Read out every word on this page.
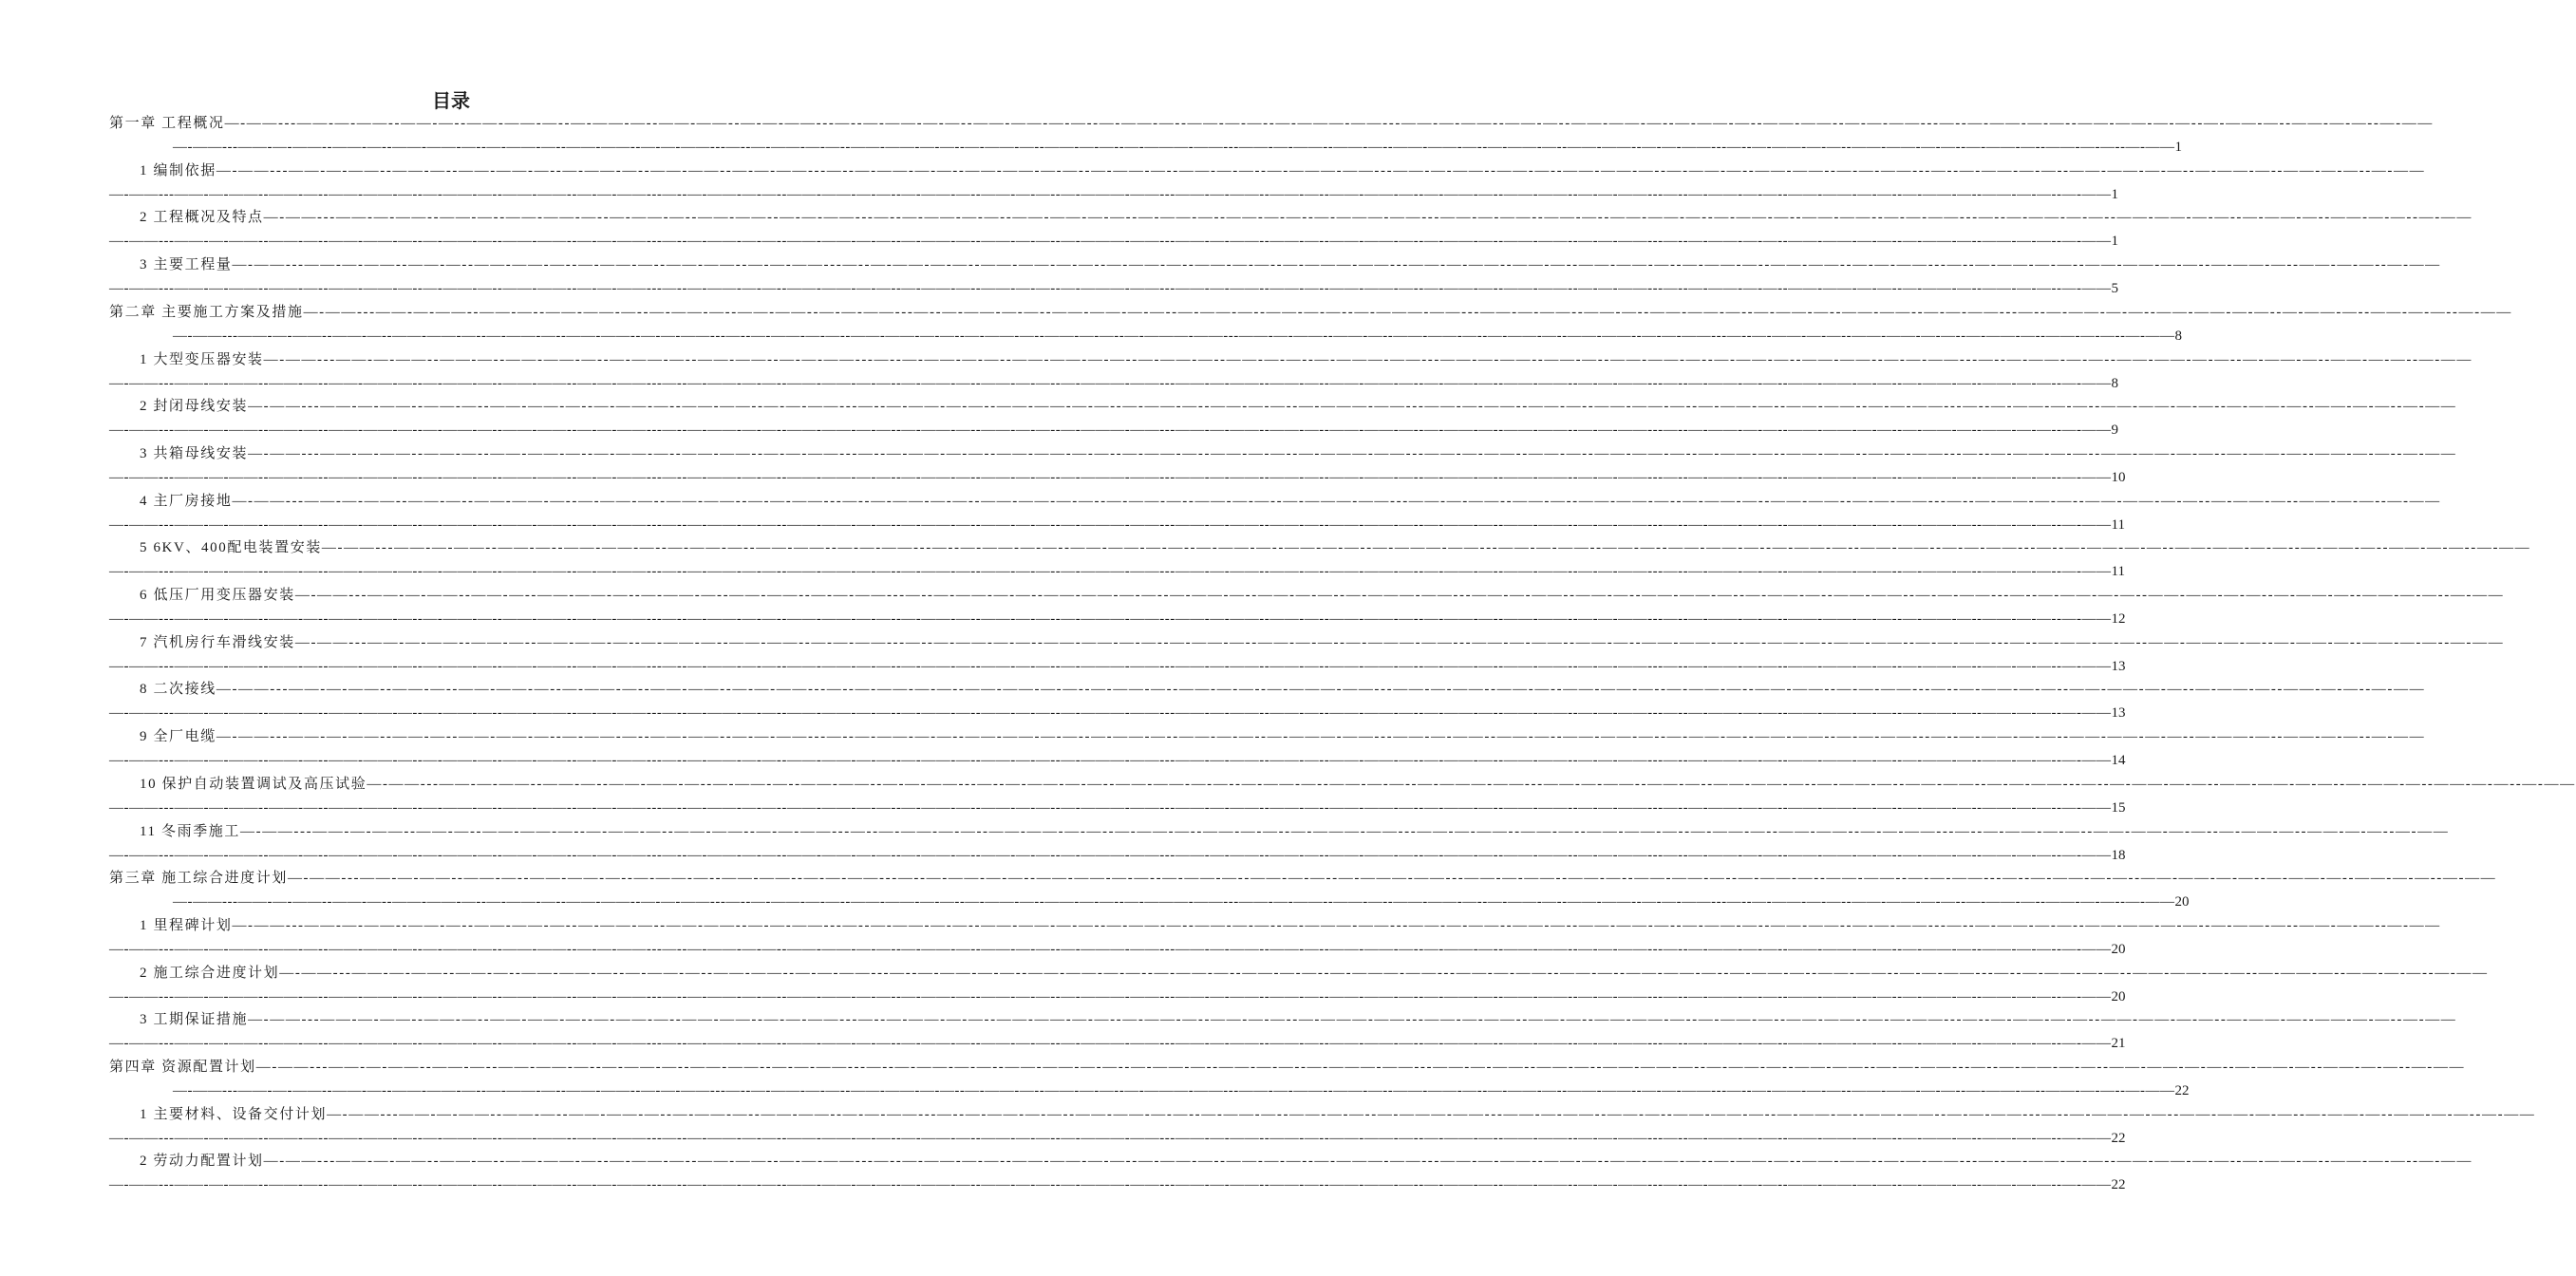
目录
第一章 工程概况—-——---——-—-——--——-—--——-——-—--—-——-—--——-——--—-—-——---—--—-——-—-—--——-——-—-—--—-——-—--——-—-—--—-———-——---——-—-——--——-—--——-——-—--—-——-—--——-——--—-—-——---—--—-——-—-—--——-——-—-—--—-——-—--——-—-—--—-——
—-——---——-—-——--——-—--——-——-—--—-——-—--——-——--—-—-——---—--—-——-—-—--——-——-—-—--—-——-—--——-—-—--—-———-——---——-—-——--——-—--——-——-—--—-——-—--——-——--—-—-——---—--—-——-—-—--——-——-—-—--—-——-—--——-—-—--—-—— 1
1 编制依据—-——---——-—-——--——-—--——-——-—--—-——-—--——-——--—-—-——---—--—-——-—-—--——-——-—-—--—-——-—--——-—-—--—-———-——---——-—-——--——-—--——-——-—--—-——-—--——-——--—-—-——---—--—-——-—-—--——-——-—-—--—-——-—--——-—-—--—-——
—-——---——-—-——--——-—--——-——-—--—-——-—--——-——--—-—-——---—--—-——-—-—--——-——-—-—--—-——-—--——-—-—--—-———-——---——-—-——--——-—--——-——-—--—-——-—--——-——--—-—-——---—--—-——-—-—--——-——-—-—--—-——-—--——-—-—--—-—— 1
2 工程概况及特点—-——---——-—-——--——-—--——-——-—--—-——-—--——-——--—-—-——---—--—-——-—-—--——-——-—-—--—-——-—--——-—-—--—-———-——---——-—-——--——-—--——-——-—--—-——-—--——-——--—-—-——---—--—-——-—-—--——-——-—-—--—-——-—--——-—-—--—-——
—-——---——-—-——--——-—--——-——-—--—-——-—--——-——--—-—-——---—--—-——-—-—--——-——-—-—--—-——-—--——-—-—--—-———-——---——-—-——--——-—--——-——-—--—-——-—--——-——--—-—-——---—--—-——-—-—--——-——-—-—--—-——-—--——-—-—--—-—— 1
3 主要工程量—-——---——-—-——--——-—--——-——-—--—-——-—--——-——--—-—-——---—--—-——-—-—--——-——-—-—--—-——-—--——-—-—--—-———-——---——-—-——--——-—--——-——-—--—-——-—--——-——--—-—-——---—--—-——-—-—--——-——-—-—--—-——-—--——-—-—--—-——
—-——---——-—-——--——-—--——-——-—--—-——-—--——-——--—-—-——---—--—-——-—-—--——-——-—-—--—-——-—--——-—-—--—-———-——---——-—-——--——-—--——-——-—--—-——-—--——-——--—-—-——---—--—-——-—-—--——-——-—-—--—-——-—--——-—-—--—-—— 5
第二章 主要施工方案及措施—-——---——-—-——--——-—--——-——-—--—-——-—--——-——--—-—-——---—--—-——-—-—--——-——-—-—--—-——-—--——-—-—--—-———-——---——-—-——--——-—--——-——-—--—-——-—--——-——--—-—-——---—--—-——-—-—--——-——-—-—--—-——-—--——-—-—--—-——
—-——---——-—-——--——-—--——-——-—--—-——-—--——-——--—-—-——---—--—-——-—-—--——-——-—-—--—-——-—--——-—-—--—-———-——---——-—-——--——-—--——-——-—--—-——-—--——-——--—-—-——---—--—-——-—-—--——-——-—-—--—-——-—--——-—-—--—-—— 8
1 大型变压器安装—-——---——-—-——--——-—--——-——-—--—-——-—--——-——--—-—-——---—--—-——-—-—--——-——-—-—--—-——-—--——-—-—--—-———-——---——-—-——--——-—--——-——-—--—-——-—--——-——--—-—-——---—--—-——-—-—--——-——-—-—--—-——-—--——-—-—--—-——
—-——---——-—-——--——-—--——-——-—--—-——-—--——-——--—-—-——---—--—-——-—-—--——-——-—-—--—-——-—--——-—-—--—-———-——---——-—-——--——-—--——-——-—--—-——-—--——-——--—-—-——---—--—-——-—-—--——-——-—-—--—-——-—--——-—-—--—-—— 8
2 封闭母线安装—-——---——-—-——--——-—--——-——-—--—-——-—--——-——--—-—-——---—--—-——-—-—--——-——-—-—--—-——-—--——-—-—--—-———-——---——-—-——--——-—--——-——-—--—-——-—--——-——--—-—-——---—--—-——-—-—--——-——-—-—--—-——-—--——-—-—--—-——
—-——---——-—-——--——-—--——-——-—--—-——-—--——-——--—-—-——---—--—-——-—-—--——-——-—-—--—-——-—--——-—-—--—-———-——---——-—-——--——-—--——-——-—--—-——-—--——-——--—-—-——---—--—-——-—-—--——-——-—-—--—-——-—--——-—-—--—-—— 9
3 共箱母线安装—-——---——-—-——--——-—--——-——-—--—-——-—--——-——--—-—-——---—--—-——-—-—--——-——-—-—--—-——-—--——-—-—--—-———-——---——-—-——--——-—--——-——-—--—-——-—--——-——--—-—-——---—--—-——-—-—--——-——-—-—--—-——-—--——-—-—--—-——
—-——---——-—-——--——-—--——-——-—--—-——-—--——-——--—-—-——---—--—-——-—-—--——-——-—-—--—-——-—--——-—-—--—-———-——---——-—-——--——-—--——-——-—--—-——-—--——-——--—-—-——---—--—-——-—-—--——-——-—-—--—-——-—--——-—-—--—-—— 10
4 主厂房接地—-——---——-—-——--——-—--——-——-—--—-——-—--——-——--—-—-——---—--—-——-—-—--——-——-—-—--—-——-—--——-—-—--—-———-——---——-—-——--——-—--——-——-—--—-——-—--——-——--—-—-——---—--—-——-—-—--——-——-—-—--—-——-—--——-—-—--—-——
—-——---——-—-——--——-—--——-——-—--—-——-—--——-——--—-—-——---—--—-——-—-—--——-——-—-—--—-——-—--——-—-—--—-———-——---——-—-——--——-—--——-——-—--—-——-—--——-——--—-—-——---—--—-——-—-—--——-——-—-—--—-——-—--——-—-—--—-—— 11
5 6KV、400配电装置安装—-——---——-—-——--——-—--——-——-—--—-——-—--——-——--—-—-——---—--—-——-—-—--——-——-—-—--—-——-—--——-—-—--—-———-——---——-—-——--——-—--——-——-—--—-——-—--——-——--—-—-——---—--—-——-—-—--——-——-—-—--—-——-—--——-—-—--—-——
—-——---——-—-——--——-—--——-——-—--—-——-—--——-——--—-—-——---—--—-——-—-—--——-——-—-—--—-——-—--——-—-—--—-———-——---——-—-——--——-—--——-——-—--—-——-—--——-——--—-—-——---—--—-——-—-—--——-——-—-—--—-——-—--——-—-—--—-—— 11
6 低压厂用变压器安装—-——---——-—-——--——-—--——-——-—--—-——-—--——-——--—-—-——---—--—-——-—-—--——-——-—-—--—-——-—--——-—-—--—-———-——---——-—-——--——-—--——-——-—--—-——-—--——-——--—-—-——---—--—-——-—-—--——-——-—-—--—-——-—--——-—-—--—-——
—-——---——-—-——--——-—--——-——-—--—-——-—--——-——--—-—-——---—--—-——-—-—--——-——-—-—--—-——-—--——-—-—--—-———-——---——-—-——--——-—--——-——-—--—-——-—--——-——--—-—-——---—--—-——-—-—--——-——-—-—--—-——-—--——-—-—--—-—— 12
7 汽机房行车滑线安装—-——---——-—-——--——-—--——-——-—--—-——-—--——-——--—-—-——---—--—-——-—-—--——-——-—-—--—-——-—--——-—-—--—-———-——---——-—-——--——-—--——-——-—--—-——-—--——-——--—-—-——---—--—-——-—-—--——-——-—-—--—-——-—--——-—-—--—-——
—-——---——-—-——--——-—--——-——-—--—-——-—--——-——--—-—-——---—--—-——-—-—--——-——-—-—--—-——-—--——-—-—--—-———-——---——-—-——--——-—--——-——-—--—-——-—--——-——--—-—-——---—--—-——-—-—--——-——-—-—--—-——-—--——-—-—--—-—— 13
8 二次接线—-——---——-—-——--——-—--——-——-—--—-——-—--——-——--—-—-——---—--—-——-—-—--——-——-—-—--—-——-—--——-—-—--—-———-——---——-—-——--——-—--——-——-—--—-——-—--——-——--—-—-——---—--—-——-—-—--——-——-—-—--—-——-—--——-—-—--—-——
—-——---——-—-——--——-—--——-——-—--—-——-—--——-——--—-—-——---—--—-——-—-—--——-——-—-—--—-——-—--——-—-—--—-———-——---——-—-——--——-—--——-——-—--—-——-—--——-——--—-—-——---—--—-——-—-—--——-——-—-—--—-——-—--——-—-—--—-—— 13
9 全厂电缆—-——---——-—-——--——-—--——-——-—--—-——-—--——-——--—-—-——---—--—-——-—-—--——-——-—-—--—-——-—--——-—-—--—-———-——---——-—-——--——-—--——-——-—--—-——-—--——-——--—-—-——---—--—-——-—-—--——-——-—-—--—-——-—--——-—-—--—-——
—-——---——-—-——--——-—--——-——-—--—-——-—--——-——--—-—-——---—--—-——-—-—--——-——-—-—--—-——-—--——-—-—--—-———-——---——-—-——--——-—--——-——-—--—-——-—--——-——--—-—-——---—--—-——-—-—--——-——-—-—--—-——-—--——-—-—--—-—— 14
10 保护自动装置调试及高压试验—-——---——-—-——--——-—--——-——-—--—-——-—--——-——--—-—-——---—--—-——-—-—--——-——-—-—--—-——-—--——-—-—--—-———-——---——-—-——--——-—--——-——-—--—-——-—--——-——--—-—-——---—--—-——-—-—--——-——-—-—--—-——-—--——-—-—--—-——
—-——---——-—-——--——-—--——-——-—--—-——-—--——-——--—-—-——---—--—-——-—-—--——-——-—-—--—-——-—--——-—-—--—-———-——---——-—-——--——-—--——-——-—--—-——-—--——-——--—-—-——---—--—-——-—-—--——-——-—-—--—-——-—--——-—-—--—-—— 15
11 冬雨季施工—-——---——-—-——--——-—--——-——-—--—-——-—--——-——--—-—-——---—--—-——-—-—--——-——-—-—--—-——-—--——-—-—--—-———-——---——-—-——--——-—--——-——-—--—-——-—--——-——--—-—-——---—--—-——-—-—--——-——-—-—--—-——-—--——-—-—--—-——
—-——---——-—-——--——-—--——-——-—--—-——-—--——-——--—-—-——---—--—-——-—-—--——-——-—-—--—-——-—--——-—-—--—-———-——---——-—-——--——-—--——-——-—--—-——-—--——-——--—-—-——---—--—-——-—-—--——-——-—-—--—-——-—--——-—-—--—-—— 18
第三章 施工综合进度计划—-——---——-—-——--——-—--——-——-—--—-——-—--——-——--—-—-——---—--—-——-—-—--——-——-—-—--—-——-—--——-—-—--—-———-——---——-—-——--——-—--——-——-—--—-——-—--——-——--—-—-——---—--—-——-—-—--——-——-—-—--—-——-—--——-—-—--—-——
—-——---——-—-——--——-—--——-——-—--—-——-—--——-——--—-—-——---—--—-——-—-—--——-——-—-—--—-——-—--——-—-—--—-———-——---——-—-——--——-—--——-——-—--—-——-—--——-——--—-—-——---—--—-——-—-—--——-——-—-—--—-——-—--——-—-—--—-—— 20
1 里程碑计划—-——---——-—-——--——-—--——-——-—--—-——-—--——-——--—-—-——---—--—-——-—-—--——-——-—-—--—-——-—--——-—-—--—-———-——---——-—-——--——-—--——-——-—--—-——-—--——-——--—-—-——---—--—-——-—-—--——-——-—-—--—-——-—--——-—-—--—-——
—-——---——-—-——--——-—--——-——-—--—-——-—--——-——--—-—-——---—--—-——-—-—--——-——-—-—--—-——-—--——-—-—--—-———-——---——-—-——--——-—--——-——-—--—-——-—--——-——--—-—-——---—--—-——-—-—--——-——-—-—--—-——-—--——-—-—--—-—— 20
2 施工综合进度计划—-——---——-—-——--——-—--——-——-—--—-——-—--——-——--—-—-——---—--—-——-—-—--——-——-—-—--—-——-—--——-—-—--—-———-——---——-—-——--——-—--——-——-—--—-——-—--——-——--—-—-——---—--—-——-—-—--——-——-—-—--—-——-—--——-—-—--—-——
—-——---——-—-——--——-—--——-——-—--—-——-—--——-——--—-—-——---—--—-——-—-—--——-——-—-—--—-——-—--——-—-—--—-———-——---——-—-——--——-—--——-——-—--—-——-—--——-——--—-—-——---—--—-——-—-—--——-——-—-—--—-——-—--——-—-—--—-—— 20
3 工期保证措施—-——---——-—-——--——-—--——-——-—--—-——-—--——-——--—-—-——---—--—-——-—-—--——-——-—-—--—-——-—--——-—-—--—-———-——---——-—-——--——-—--——-——-—--—-——-—--——-——--—-—-——---—--—-——-—-—--——-——-—-—--—-——-—--——-—-—--—-——
—-——---——-—-——--——-—--——-——-—--—-——-—--——-——--—-—-——---—--—-——-—-—--——-——-—-—--—-——-—--——-—-—--—-———-——---——-—-——--——-—--——-——-—--—-——-—--——-——--—-—-——---—--—-——-—-—--——-——-—-—--—-——-—--——-—-—--—-—— 21
第四章 资源配置计划—-——---——-—-——--——-—--——-——-—--—-——-—--——-——--—-—-——---—--—-——-—-—--——-——-—-—--—-——-—--——-—-—--—-———-——---——-—-——--——-—--——-——-—--—-——-—--——-——--—-—-——---—--—-——-—-—--——-——-—-—--—-——-—--——-—-—--—-——
—-——---——-—-——--——-—--——-——-—--—-——-—--——-——--—-—-——---—--—-——-—-—--——-——-—-—--—-——-—--——-—-—--—-———-——---——-—-——--——-—--——-——-—--—-——-—--——-——--—-—-——---—--—-——-—-—--——-——-—-—--—-——-—--——-—-—--—-—— 22
1 主要材料、设备交付计划—-——---——-—-——--——-—--——-——-—--—-——-—--——-——--—-—-——---—--—-——-—-—--——-——-—-—--—-——-—--——-—-—--—-———-——---——-—-——--——-—--——-——-—--—-——-—--——-——--—-—-——---—--—-——-—-—--——-——-—-—--—-——-—--——-—-—--—-——
—-——---——-—-——--——-—--——-——-—--—-——-—--——-——--—-—-——---—--—-——-—-—--——-——-—-—--—-——-—--——-—-—--—-———-——---——-—-——--——-—--——-——-—--—-——-—--——-——--—-—-——---—--—-——-—-—--——-——-—-—--—-——-—--——-—-—--—-—— 22
2 劳动力配置计划—-——---——-—-——--——-—--——-——-—--—-——-—--——-——--—-—-——---—--—-——-—-—--——-——-—-—--—-——-—--——-—-—--—-———-——---——-—-——--——-—--——-——-—--—-——-—--——-——--—-—-——---—--—-——-—-—--——-——-—-—--—-——-—--——-—-—--—-——
—-——---——-—-——--——-—--——-——-—--—-——-—--——-——--—-—-——---—--—-——-—-—--——-——-—-—--—-——-—--——-—-—--—-———-——---——-—-——--——-—--——-——-—--—-——-—--——-——--—-—-——---—--—-——-—-—--——-——-—-—--—-——-—--——-—-—--—-—— 22
